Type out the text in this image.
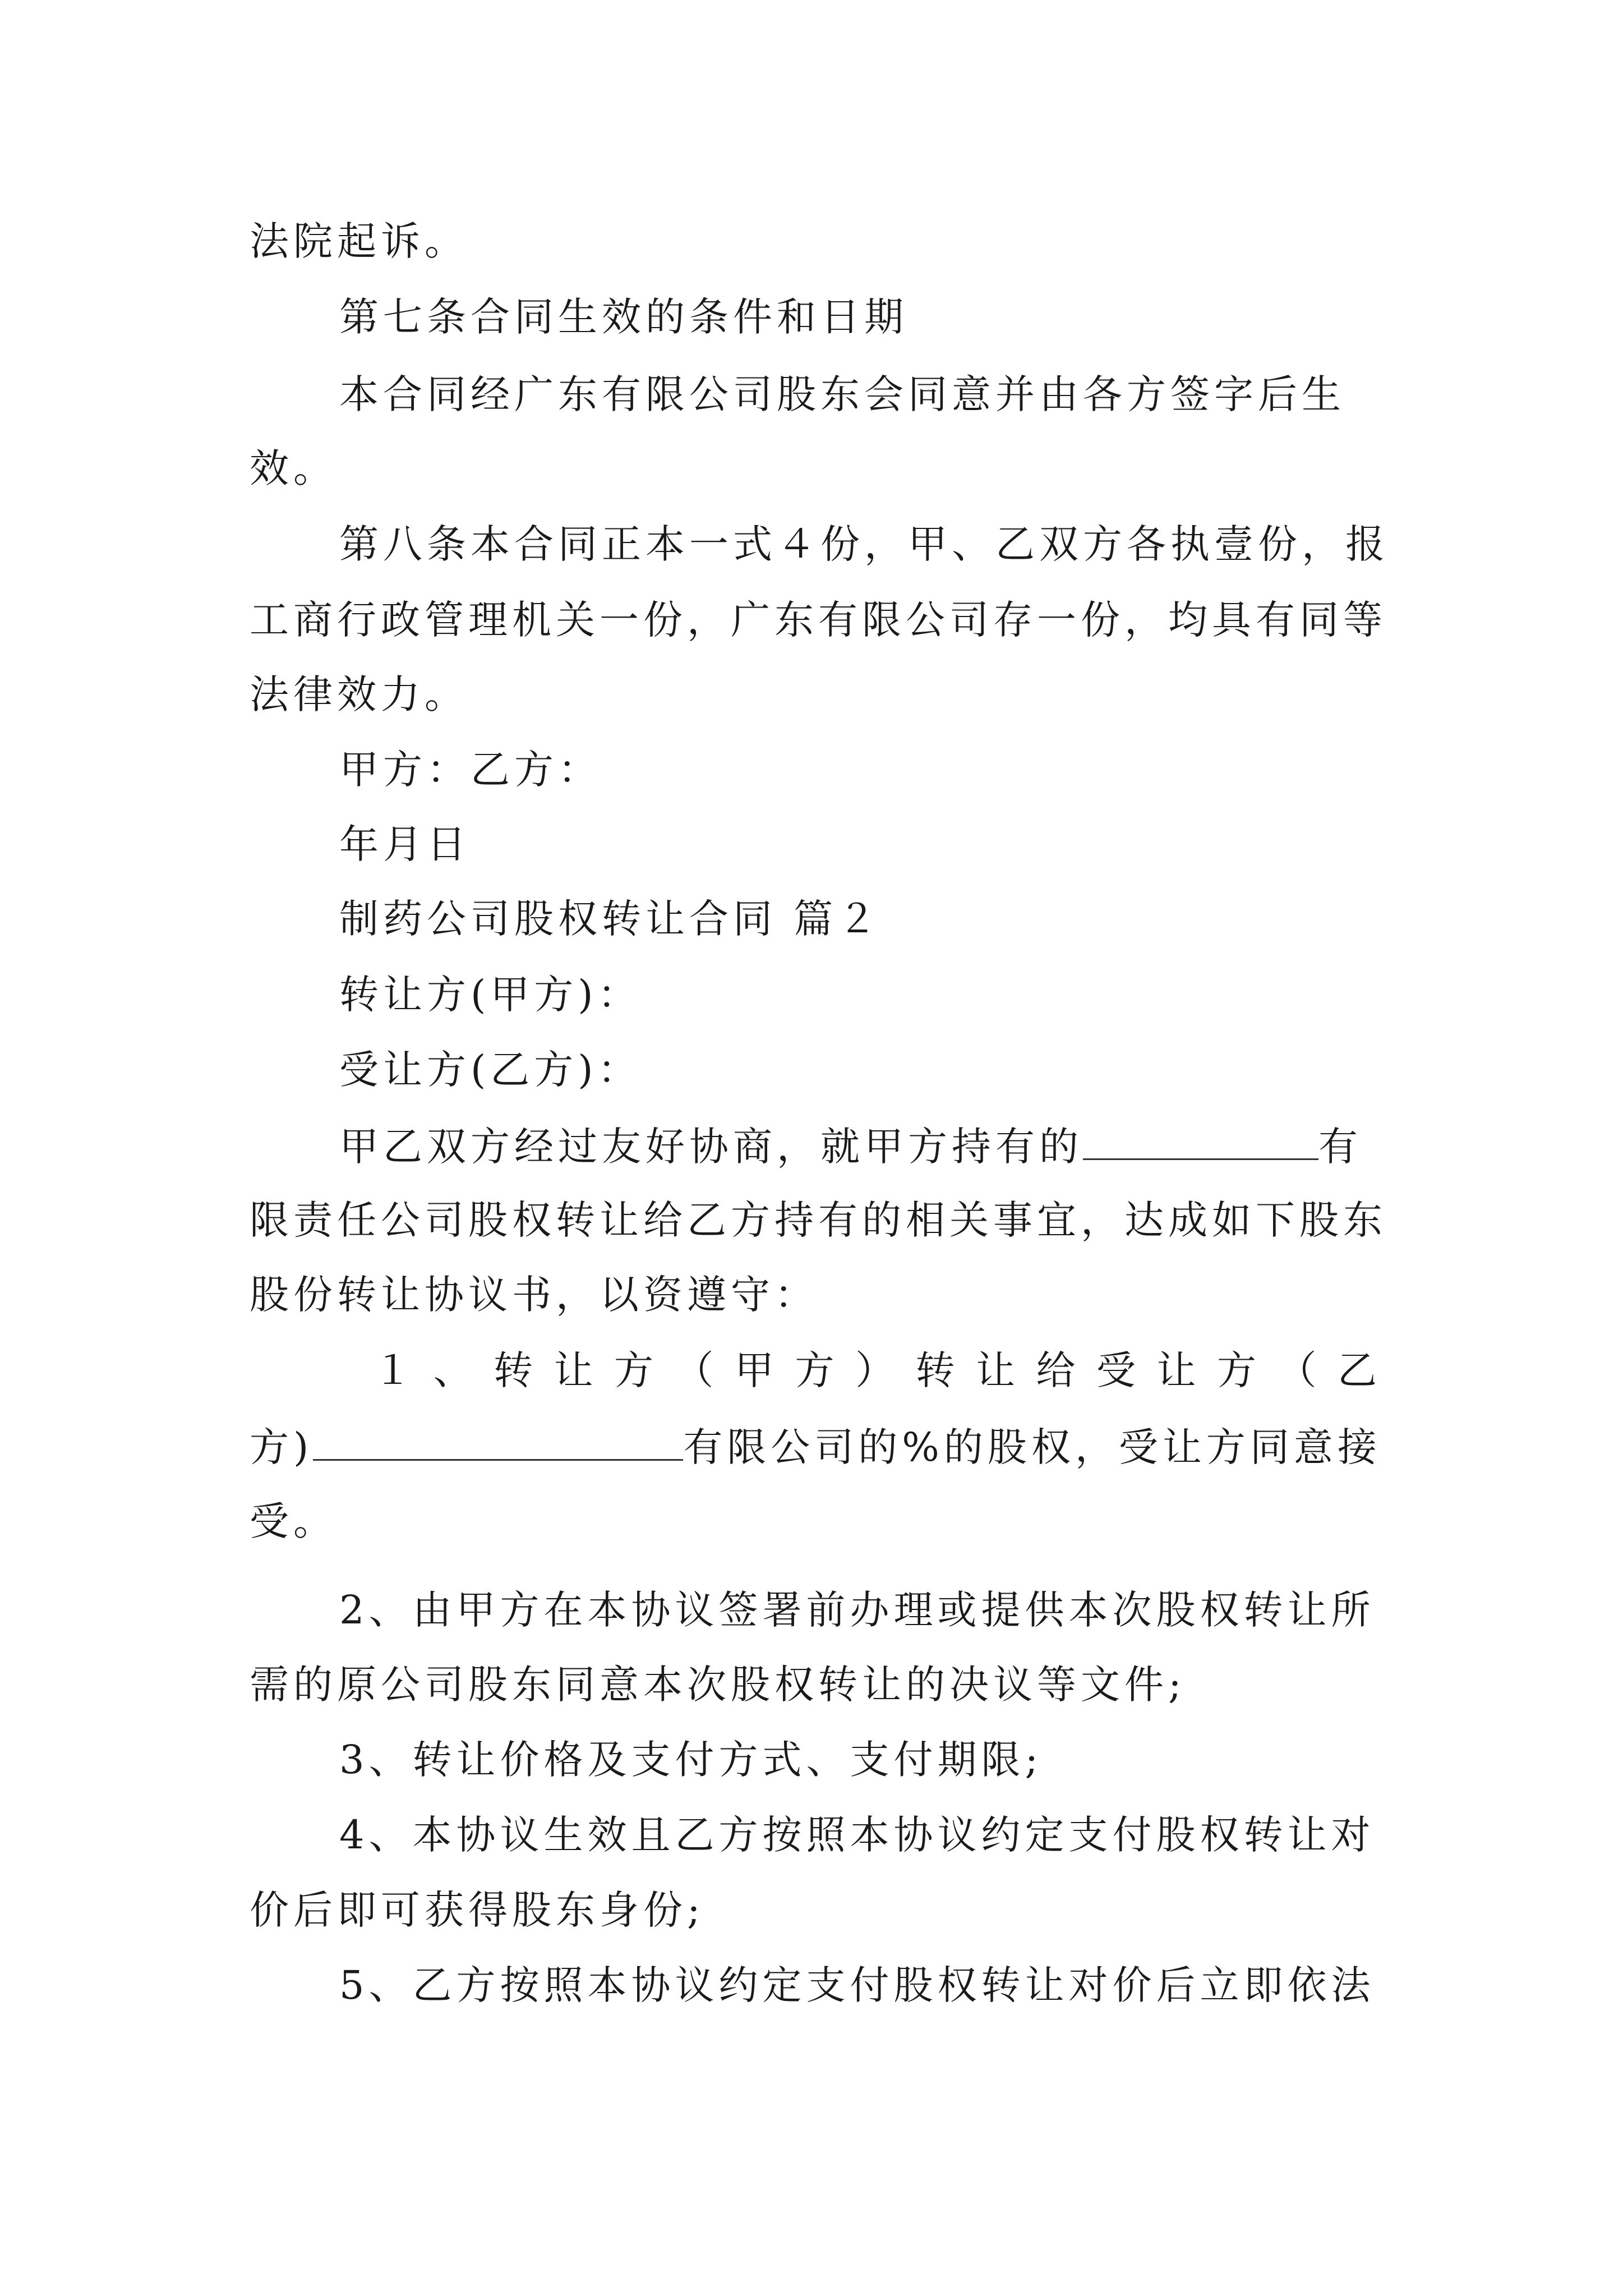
法院起诉。
第七条合同生效的条件和日期
本合同经广东有限公司股东会同意并由各方签字后生
效。
第八条本合同正本一式４份，甲、乙双方各执壹份，报
工商行政管理机关一份，广东有限公司存一份，均具有同等
法律效力。
甲方：乙方：
年月日
制药公司股权转让合同 篇２
转让方(甲方)：
受让方(乙方)：
甲乙双方经过友好协商，就甲方持有的	有
限责任公司股权转让给乙方持有的相关事宜，达成如下股东
股份转让协议书，以资遵守：
１ 、 转 让 方 （ 甲 方 ） 转 让 给 受 让 方 （ 乙
方)	有限公司的%的股权，受让方同意接
受。
2、由甲方在本协议签署前办理或提供本次股权转让所
需的原公司股东同意本次股权转让的决议等文件;
3、转让价格及支付方式、支付期限;
4、本协议生效且乙方按照本协议约定支付股权转让对
价后即可获得股东身份;
5、乙方按照本协议约定支付股权转让对价后立即依法
